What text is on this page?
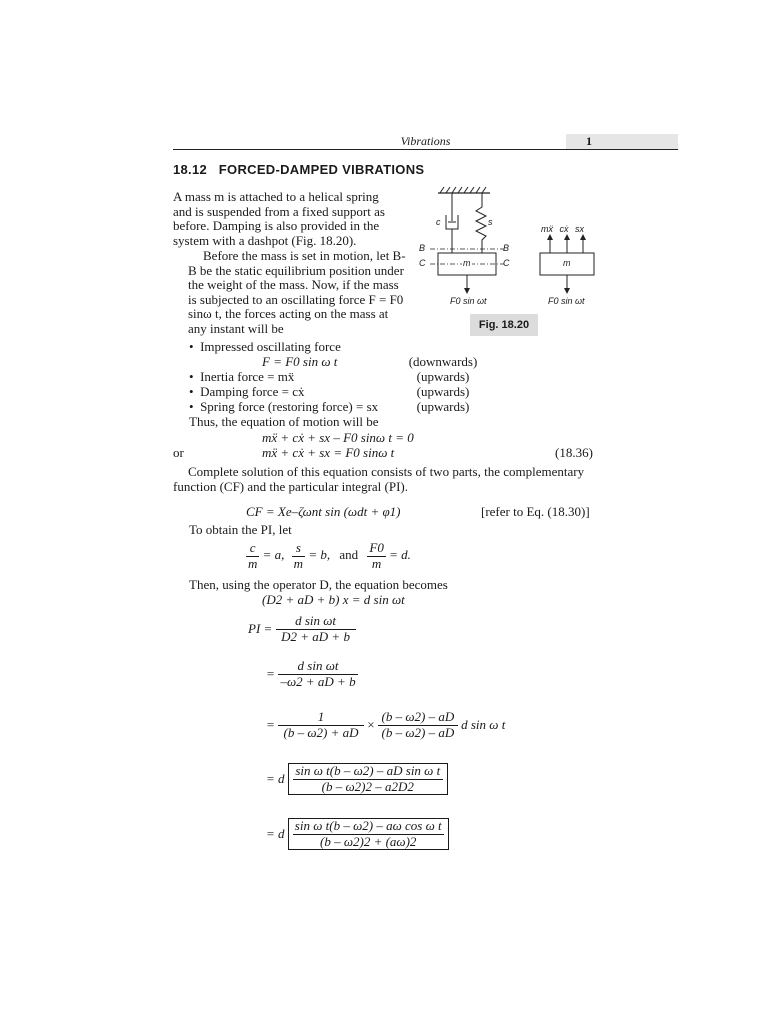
Vibrations	1
18.12 FORCED-DAMPED VIBRATIONS
A mass m is attached to a helical spring
and is suspended from a fixed support as
before. Damping is also provided in the
system with a dashpot (Fig. 18.20).
Before the mass is set in motion, let B-
B be the static equilibrium position under
the weight of the mass. Now, if the mass
is subjected to an oscillating force F = F0
sinω t, the forces acting on the mass at
any instant will be
c	s
B	B
C	C
m
F0 sin ωt
m
F0 sin ωt
mẍ cẋ sx
Fig. 18.20
•  Impressed oscillating force
F = F0 sin ω t	(downwards)
•  Inertia force = mẍ	(upwards)
•  Damping force = cẋ	(upwards)
•  Spring force (restoring force) = sx	(upwards)
Thus, the equation of motion will be
mẍ + cẋ + sx – F0 sinω t = 0
or	mẍ + cẋ + sx = F0 sinω t	(18.36)
Complete solution of this equation consists of two parts, the complementary
function (CF) and the particular integral (PI).
CF = Xe–ζωnt sin (ωdt + φ1)	[refer to Eq. (18.30)]
To obtain the PI, let
$\frac{c}{m} = a$, $\frac{s}{m} = b$, and $\frac{F0}{m} = d$.
Then, using the operator D, the equation becomes
(D2 + aD + b) x = d sin ωt
PI = $\frac{\text{d sin ωt}}{D2 + aD + b}$
= $\frac{\text{d sin ωt}}{-\omega 2 + aD + b}$
= $\frac{1}{(b - \omega 2) + aD} \times \frac{(b - \omega 2) - aD}{(b - \omega 2) - aD}$ d sin ω t
= d $\frac{\text{sin ω t(b – ω2) – aD sin ω t}}{(b - \omega 2)2 - a2D2}$
= d $\frac{\text{sin ω t(b – ω2) – aω cos ω t}}{(b - \omega 2)2 + (a\omega)2}$
